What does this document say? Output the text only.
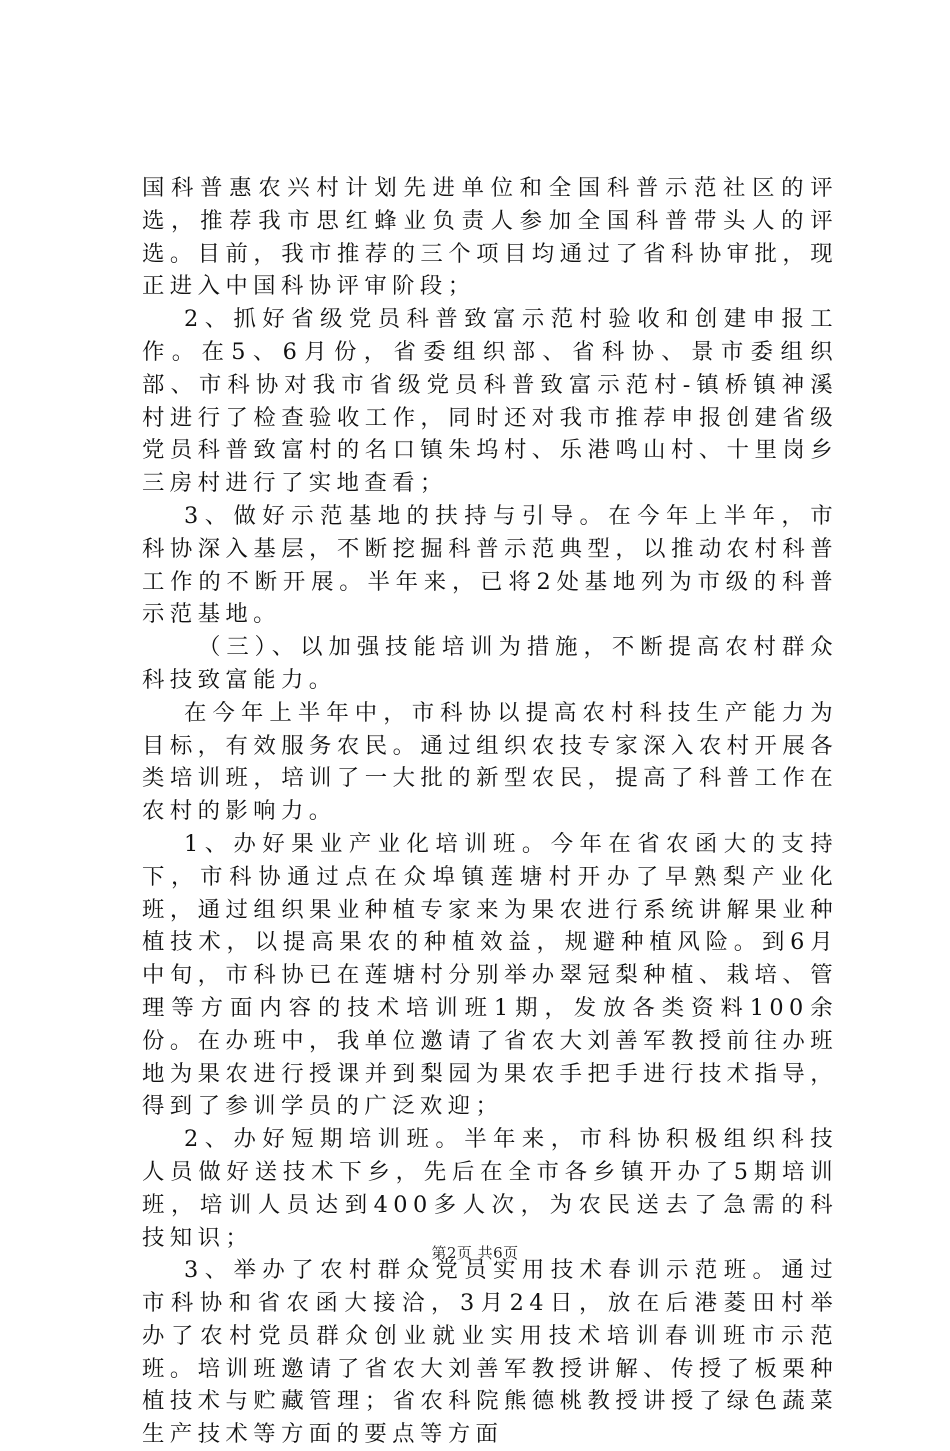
国科普惠农兴村计划先进单位和全国科普示范社区的评选，推荐我市思红蜂业负责人参加全国科普带头人的评选。目前，我市推荐的三个项目均通过了省科协审批，现正进入中国科协评审阶段；

2、抓好省级党员科普致富示范村验收和创建申报工作。在5、6月份，省委组织部、省科协、景市委组织部、市科协对我市省级党员科普致富示范村-镇桥镇神溪村进行了检查验收工作，同时还对我市推荐申报创建省级党员科普致富村的名口镇朱坞村、乐港鸣山村、十里岗乡三房村进行了实地查看；

3、做好示范基地的扶持与引导。在今年上半年，市科协深入基层，不断挖掘科普示范典型，以推动农村科普工作的不断开展。半年来，已将2处基地列为市级的科普示范基地。

（三）、以加强技能培训为措施，不断提高农村群众科技致富能力。

在今年上半年中，市科协以提高农村科技生产能力为目标，有效服务农民。通过组织农技专家深入农村开展各类培训班，培训了一大批的新型农民，提高了科普工作在农村的影响力。

1、办好果业产业化培训班。今年在省农函大的支持下，市科协通过点在众埠镇莲塘村开办了早熟梨产业化班，通过组织果业种植专家来为果农进行系统讲解果业种植技术，以提高果农的种植效益，规避种植风险。到6月中旬，市科协已在莲塘村分别举办翠冠梨种植、栽培、管理等方面内容的技术培训班1期，发放各类资料100余份。在办班中，我单位邀请了省农大刘善军教授前往办班地为果农进行授课并到梨园为果农手把手进行技术指导，得到了参训学员的广泛欢迎；

2、办好短期培训班。半年来，市科协积极组织科技人员做好送技术下乡，先后在全市各乡镇开办了5期培训班，培训人员达到400多人次，为农民送去了急需的科技知识；

3、举办了农村群众党员实用技术春训示范班。通过市科协和省农函大接洽，3月24日，放在后港菱田村举办了农村党员群众创业就业实用技术培训春训班市示范班。培训班邀请了省农大刘善军教授讲解、传授了板栗种植技术与贮藏管理；省农科院熊德桃教授讲授了绿色蔬菜生产技术等方面的要点等方面

第2页 共6页
